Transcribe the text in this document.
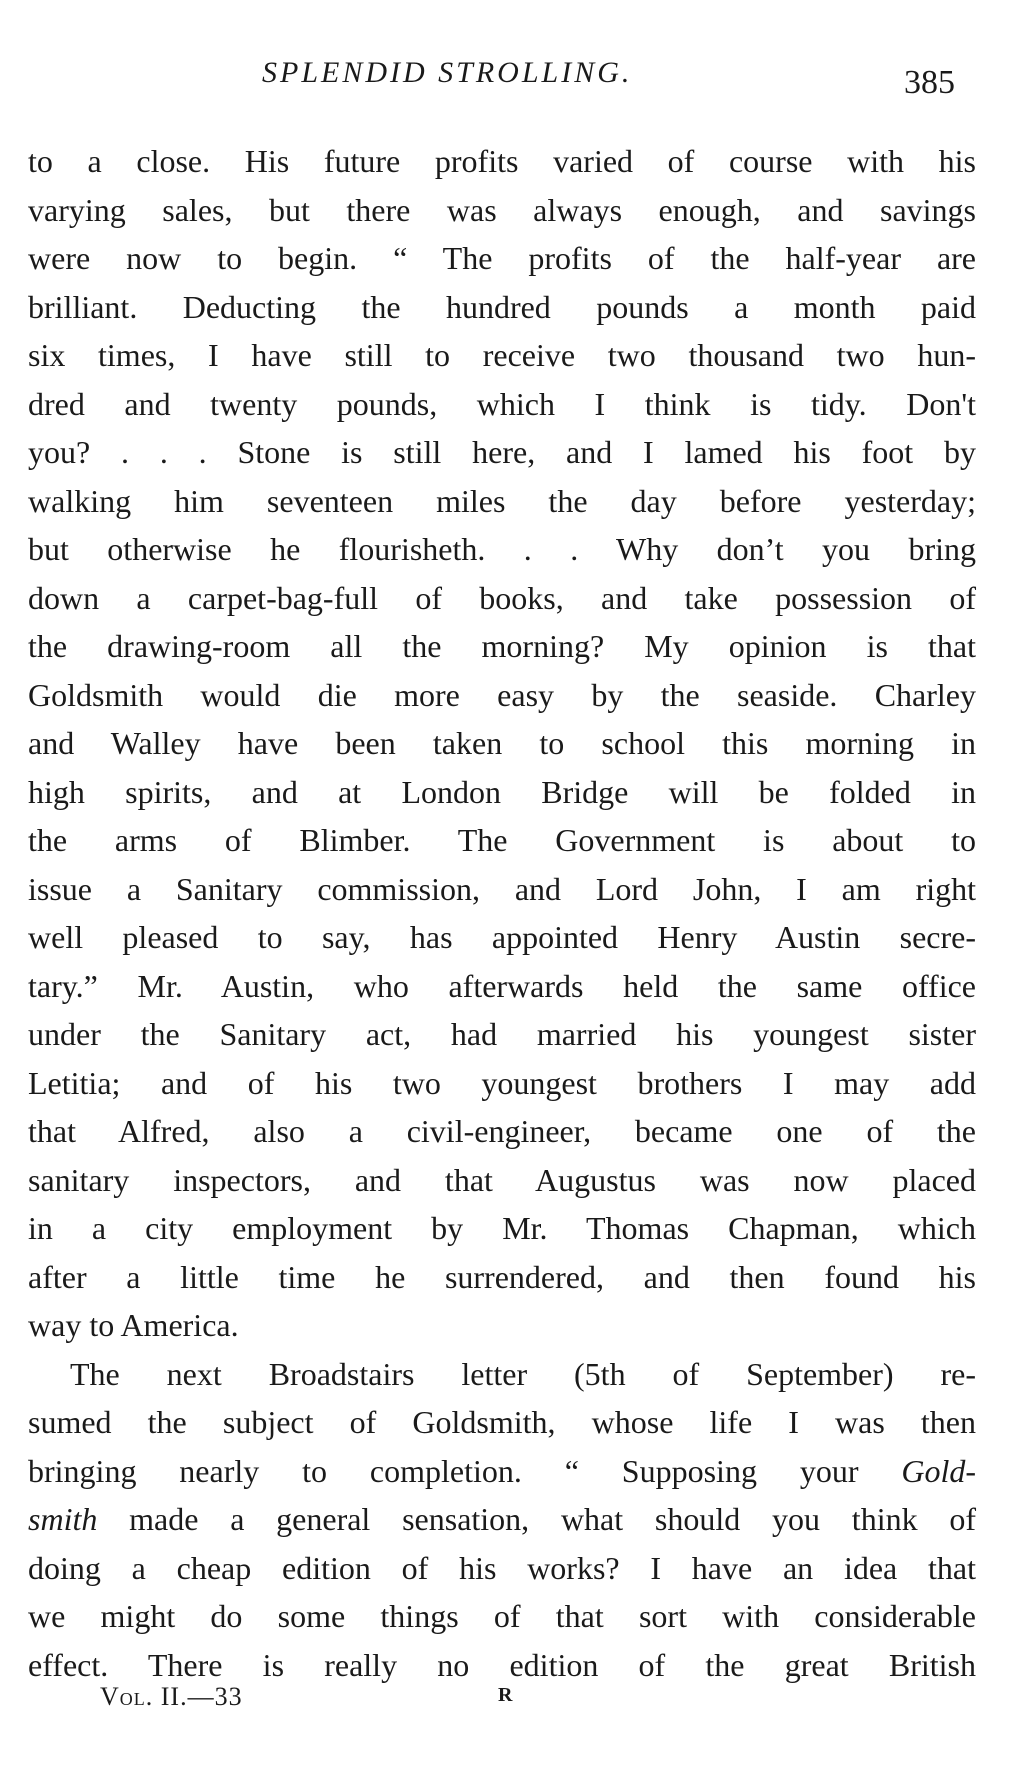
SPLENDID STROLLING.	385
to a close. His future profits varied of course with his
varying sales, but there was always enough, and savings
were now to begin. “ The profits of the half-year are
brilliant. Deducting the hundred pounds a month paid
six times, I have still to receive two thousand two hun-
dred and twenty pounds, which I think is tidy. Don't
you? . . . Stone is still here, and I lamed his foot by
walking him seventeen miles the day before yesterday;
but otherwise he flourisheth. . . Why don’t you bring
down a carpet-bag-full of books, and take possession of
the drawing-room all the morning? My opinion is that
Goldsmith would die more easy by the seaside. Charley
and Walley have been taken to school this morning in
high spirits, and at London Bridge will be folded in
the arms of Blimber. The Government is about to
issue a Sanitary commission, and Lord John, I am right
well pleased to say, has appointed Henry Austin secre-
tary.” Mr. Austin, who afterwards held the same office
under the Sanitary act, had married his youngest sister
Letitia; and of his two youngest brothers I may add
that Alfred, also a civil-engineer, became one of the
sanitary inspectors, and that Augustus was now placed
in a city employment by Mr. Thomas Chapman, which
after a little time he surrendered, and then found his
way to America.
The next Broadstairs letter (5th of September) re-
sumed the subject of Goldsmith, whose life I was then
bringing nearly to completion. “ Supposing your Gold-
smith made a general sensation, what should you think of
doing a cheap edition of his works? I have an idea that
we might do some things of that sort with considerable
effect. There is really no edition of the great British
Vol. II.—33	R
